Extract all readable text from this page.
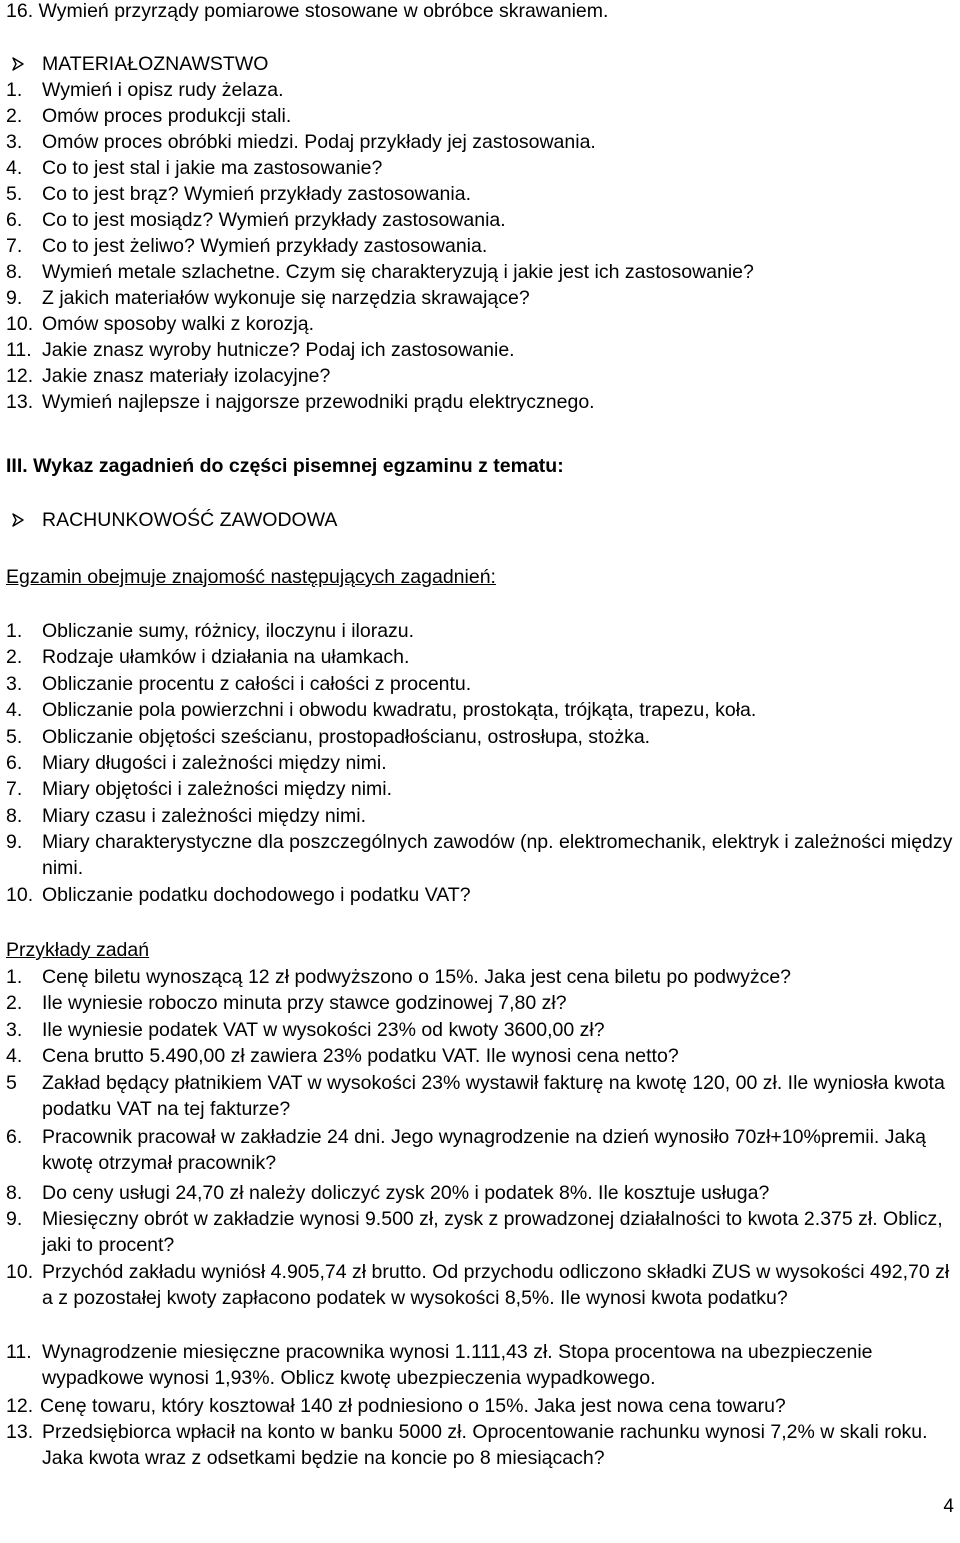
16. Wymień przyrządy pomiarowe stosowane w obróbce skrawaniem.
MATERIAŁOZNAWSTWO
1. Wymień i opisz rudy żelaza.
2. Omów proces produkcji stali.
3. Omów proces obróbki miedzi. Podaj przykłady jej zastosowania.
4. Co to jest stal i jakie ma zastosowanie?
5. Co to jest brąz? Wymień przykłady zastosowania.
6. Co to jest mosiądz? Wymień przykłady zastosowania.
7. Co to jest żeliwo? Wymień przykłady zastosowania.
8. Wymień metale szlachetne. Czym się charakteryzują i jakie jest ich zastosowanie?
9. Z jakich materiałów wykonuje się narzędzia skrawające?
10. Omów sposoby walki z korozją.
11. Jakie znasz wyroby hutnicze? Podaj ich zastosowanie.
12. Jakie znasz materiały izolacyjne?
13. Wymień najlepsze i najgorsze przewodniki prądu elektrycznego.
III. Wykaz zagadnień do części pisemnej egzaminu z tematu:
RACHUNKOWOŚĆ ZAWODOWA
Egzamin obejmuje znajomość następujących zagadnień:
1. Obliczanie sumy, różnicy, iloczynu i ilorazu.
2. Rodzaje ułamków i działania na ułamkach.
3. Obliczanie procentu z całości i całości z procentu.
4. Obliczanie pola powierzchni i obwodu kwadratu, prostokąta, trójkąta, trapezu, koła.
5. Obliczanie objętości sześcianu, prostopadłościanu, ostrosłupa, stożka.
6. Miary długości i zależności między nimi.
7. Miary objętości i zależności między nimi.
8. Miary czasu i zależności między nimi.
9. Miary charakterystyczne dla poszczególnych zawodów (np. elektromechanik, elektryk i zależności między nimi.
10. Obliczanie podatku dochodowego i podatku VAT?
Przykłady zadań
1. Cenę biletu wynoszącą 12 zł podwyższono o 15%. Jaka jest cena biletu po podwyżce?
2. Ile wyniesie roboczo minuta przy stawce godzinowej 7,80 zł?
3. Ile wyniesie podatek VAT w wysokości 23% od kwoty 3600,00 zł?
4. Cena brutto 5.490,00 zł zawiera 23% podatku VAT. Ile wynosi cena netto?
5 Zakład będący płatnikiem VAT w wysokości 23% wystawił fakturę na kwotę 120, 00 zł. Ile wyniosła kwota podatku VAT na tej fakturze?
6. Pracownik pracował w zakładzie 24 dni. Jego wynagrodzenie na dzień wynosiło 70zł+10%premii. Jaką kwotę otrzymał pracownik?
8. Do ceny usługi 24,70 zł należy doliczyć zysk 20% i podatek 8%. Ile kosztuje usługa?
9. Miesięczny obrót w zakładzie wynosi 9.500 zł, zysk z prowadzonej działalności to kwota 2.375 zł. Oblicz, jaki to procent?
10. Przychód zakładu wyniósł 4.905,74 zł brutto. Od przychodu odliczono składki ZUS w wysokości 492,70 zł a z pozostałej kwoty zapłacono podatek w wysokości 8,5%. Ile wynosi kwota podatku?
11. Wynagrodzenie miesięczne pracownika wynosi 1.111,43 zł. Stopa procentowa na ubezpieczenie wypadkowe wynosi 1,93%. Oblicz kwotę ubezpieczenia wypadkowego.
12. Cenę towaru, który kosztował 140 zł podniesiono o 15%. Jaka jest nowa cena towaru?
13. Przedsiębiorca wpłacił na konto w banku 5000 zł. Oprocentowanie rachunku wynosi 7,2% w skali roku. Jaka kwota wraz z odsetkami będzie na koncie po 8 miesiącach?
4
